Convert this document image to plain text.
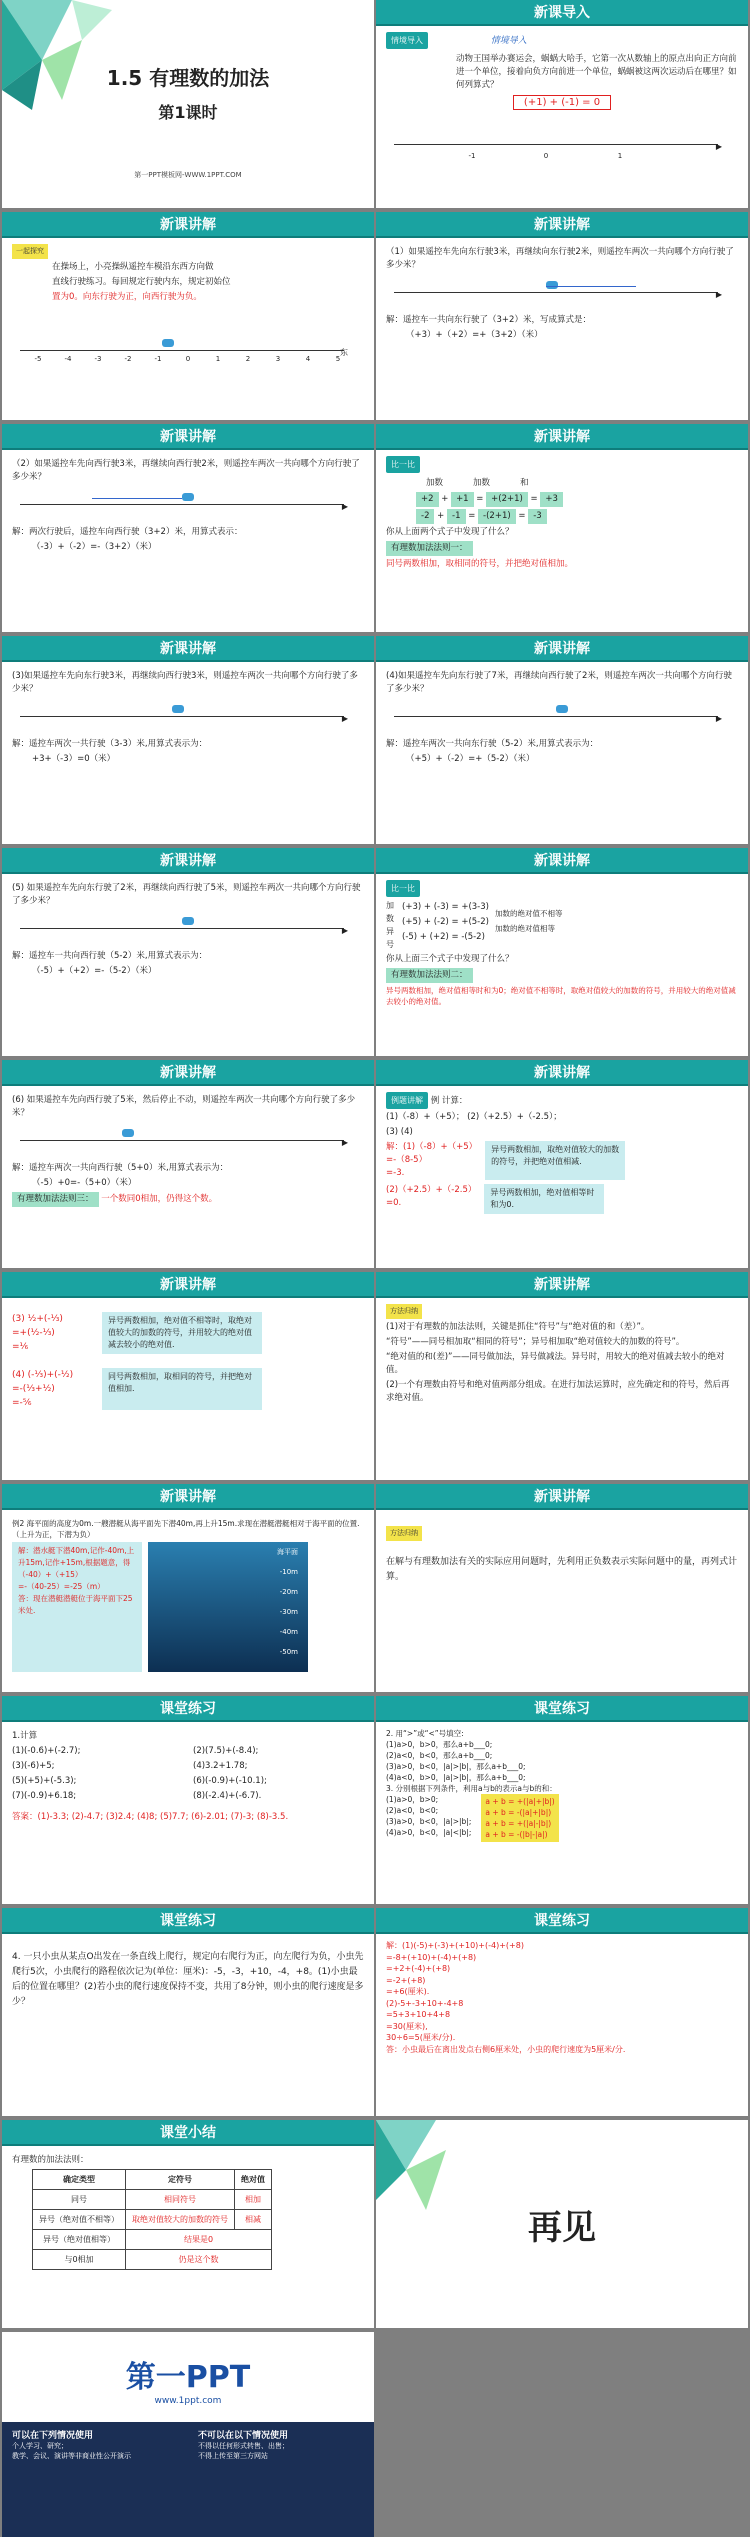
1.5 有理数的加法
第1课时
第一PPT模板网-WWW.1PPT.COM
新课导入
情境导入	情境导入
动物王国举办赛运会，蜗蜗大哈手，它第一次从数轴上的原点出向正方向前进一个单位，接着向负方向前进一个单位，蜗蜗被这两次运动后在哪里？如何列算式？
(+1) + (-1) = 0
▶
-1	0	1
新课讲解
一起探究
在操场上，小亮操纵遥控车模沿东西方向做
直线行驶练习。每回规定行驶内东，规定初始位
置为0。向东行驶为正，向西行驶为负。
东
-5	-4	-3	-2	-1	0	1	2	3	4	5
新课讲解
（1）如果遥控车先向东行驶3米，再继续向东行驶2米，则遥控车两次一共向哪个方向行驶了多少米？
▶
解：遥控车一共向东行驶了（3+2）米，写成算式是：
（+3）+（+2）=+（3+2）（米）
新课讲解
（2）如果遥控车先向西行驶3米，再继续向西行驶2米，则遥控车两次一共向哪个方向行驶了多少米？
▶
解：两次行驶后，遥控车向西行驶（3+2）米，用算式表示：
（-3）+（-2）=-（3+2）（米）
新课讲解
比一比
加数	加数	和
+2 + +1 = +(2+1) = +3
-2 + -1 = -(2+1) = -3
你从上面两个式子中发现了什么？
有理数加法法则一：
同号两数相加，取相同的符号，并把绝对值相加。
新课讲解
(3)如果遥控车先向东行驶3米，再继续向西行驶3米，则遥控车两次一共向哪个方向行驶了多少米？
▶
解：遥控车两次一共行驶（3-3）米,用算式表示为：
+3+（-3）=0（米）
新课讲解
(4)如果遥控车先向东行驶了7米，再继续向西行驶了2米，则遥控车两次一共向哪个方向行驶了多少米？
▶
解：遥控车两次一共向东行驶（5-2）米,用算式表示为：
（+5）+（-2）=+（5-2）（米）
新课讲解
(5) 如果遥控车先向东行驶了2米，再继续向西行驶了5米，则遥控车两次一共向哪个方向行驶了多少米？
▶
解：遥控车一共向西行驶（5-2）米,用算式表示为：
（-5）+（+2）=-（5-2）（米）
新课讲解
比一比
加数异号
(+3) + (-3) = +(3-3)
(+5) + (-2) = +(5-2)
(-5) + (+2) = -(5-2)
加数的绝对值不相等
加数的绝对值相等
你从上面三个式子中发现了什么？
有理数加法法则二：
异号两数相加，绝对值相等时和为0；绝对值不相等时，取绝对值较大的加数的符号，并用较大的绝对值减去较小的绝对值。
新课讲解
(6) 如果遥控车先向西行驶了5米，然后停止不动，则遥控车两次一共向哪个方向行驶了多少米？
▶
解：遥控车两次一共向西行驶（5+0）米,用算式表示为：
（-5）+0=-（5+0）（米）
有理数加法法则三： 一个数同0相加，仍得这个数。
新课讲解
例题讲解 例 计算：
(1)（-8）+（+5）； (2)（+2.5）+（-2.5）；
(3) (4)
解：(1)（-8）+（+5）
=-（8-5）
=-3.
异号两数相加，取绝对值较大的加数的符号，并把绝对值相减.
(2)（+2.5）+（-2.5）
=0.
异号两数相加，绝对值相等时和为0.
新课讲解
(3) ½+(-⅓)
=+(½-⅓)
=⅙
异号两数相加，绝对值不相等时，取绝对值较大的加数的符号，并用较大的绝对值减去较小的绝对值.
(4) (-⅓)+(-½)
=-(⅓+½)
=-⅚
同号两数相加，取相同的符号，并把绝对值相加.
新课讲解
方法归纳
(1)对于有理数的加法法则，关键是抓住“符号”与“绝对值的和（差）”。
“符号”——同号相加取“相同的符号”；异号相加取“绝对值较大的加数的符号”。
“绝对值的和(差)”——同号做加法，异号做减法。异号时，用较大的绝对值减去较小的绝对值。
(2)一个有理数由符号和绝对值两部分组成。在进行加法运算时，应先确定和的符号，然后再求绝对值。
新课讲解
例2 海平面的高度为0m.一艘潜艇从海平面先下潜40m,再上升15m.求现在潜艇潜艇相对于海平面的位置.（上升为正，下潜为负）
解：潜水艇下潜40m,记作-40m,上升15m,记作+15m,根据题意，得
（-40）+（+15）
=-（40-25）=-25（m）
答：现在潜艇潜艇位于海平面下25米处.
海平面
-10m
-20m
-30m
-40m
-50m
新课讲解
方法归纳
在解与有理数加法有关的实际应用问题时，先利用正负数表示实际问题中的量，再列式计算。
课堂练习
1.计算
(1)(-0.6)+(-2.7);	(2)(7.5)+(-8.4);
(3)(-6)+5;	(4)3.2+1.78;
(5)(+5)+(-5.3);	(6)(-0.9)+(-10.1);
(7)(-0.9)+6.18;	(8)(-2.4)+(-6.7).
答案：(1)-3.3; (2)-4.7; (3)2.4; (4)8; (5)7.7; (6)-2.01; (7)-3; (8)-3.5.
课堂练习
2. 用“>”或“<”号填空:
(1)a>0，b>0，那么a+b___0;
(2)a<0，b<0，那么a+b___0;
(3)a>0，b<0，|a|>|b|，那么a+b___0;
(4)a<0，b>0，|a|>|b|，那么a+b___0;
3. 分别根据下列条件，利用a与b的表示a与b的和：
(1)a>0，b>0;
(2)a<0，b<0;
(3)a>0，b<0，|a|>|b|;
(4)a>0，b<0，|a|<|b|;
a + b = +(|a|+|b|)
a + b = -(|a|+|b|)
a + b = +(|a|-|b|)
a + b = -(|b|-|a|)
课堂练习
4. 一只小虫从某点O出发在一条直线上爬行，规定向右爬行为正，向左爬行为负，小虫先爬行5次，小虫爬行的路程依次记为(单位：厘米)：-5，-3，+10，-4，+8。(1)小虫最后的位置在哪里？(2)若小虫的爬行速度保持不变，共用了8分钟，则小虫的爬行速度是多少？
课堂练习
解：(1)(-5)+(-3)+(+10)+(-4)+(+8)
=-8+(+10)+(-4)+(+8)
=+2+(-4)+(+8)
=-2+(+8)
=+6(厘米).
(2)-5+-3+10+-4+8
=5+3+10+4+8
=30(厘米),
30÷6=5(厘米/分).
答：小虫最后在离出发点右侧6厘米处，小虫的爬行速度为5厘米/分.
课堂小结
有理数的加法法则：
确定类型	定符号	绝对值
同号	相同符号	相加
异号（绝对值不相等）	取绝对值较大的加数的符号	相减
异号（绝对值相等）	结果是0	
与0相加	仍是这个数	
再见
第一PPT
www.1ppt.com
可以在下列情况使用
个人学习、研究；
教学、会议、演讲等非商业性公开演示
不可以在以下情况使用
不得以任何形式转售、出售；
不得上传至第三方网站
